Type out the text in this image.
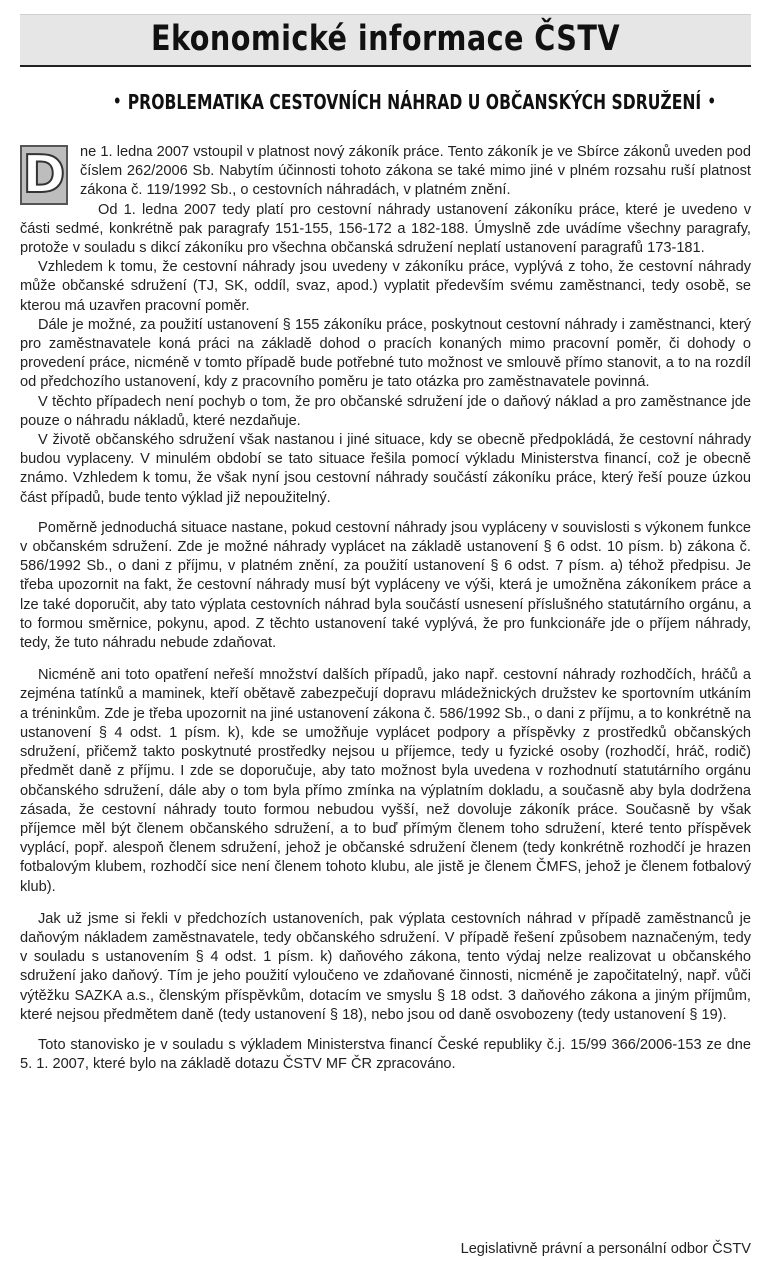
Ekonomické informace ČSTV
• PROBLEMATIKA CESTOVNÍCH NÁHRAD U OBČANSKÝCH SDRUŽENÍ •

D ne 1. ledna 2007 vstoupil v platnost nový zákoník práce. Tento zákoník je ve Sbírce zákonů uveden pod číslem 262/2006 Sb. Nabytím účinnosti tohoto zákona se také mimo jiné v plném rozsahu ruší platnost zákona č. 119/1992 Sb., o cestovních náhradách, v platném znění.

Od 1. ledna 2007 tedy platí pro cestovní náhrady ustanovení zákoníku práce, které je uvedeno v části sedmé, konkrétně pak paragrafy 151-155, 156-172 a 182-188. Úmyslně zde uvádíme všechny paragrafy, protože v souladu s dikcí zákoníku pro všechna občanská sdružení neplatí ustanovení paragrafů 173-181.

Vzhledem k tomu, že cestovní náhrady jsou uvedeny v zákoníku práce, vyplývá z toho, že cestovní náhrady může občanské sdružení (TJ, SK, oddíl, svaz, apod.) vyplatit především svému zaměstnanci, tedy osobě, se kterou má uzavřen pracovní poměr.

Dále je možné, za použití ustanovení § 155 zákoníku práce, poskytnout cestovní náhrady i zaměstnanci, který pro zaměstnavatele koná práci na základě dohod o pracích konaných mimo pracovní poměr, či dohody o provedení práce, nicméně v tomto případě bude potřebné tuto možnost ve smlouvě přímo stanovit, a to na rozdíl od předchozího ustanovení, kdy z pracovního poměru je tato otázka pro zaměstnavatele povinná.

V těchto případech není pochyb o tom, že pro občanské sdružení jde o daňový náklad a pro zaměstnance jde pouze o náhradu nákladů, které nezdaňuje.

V životě občanského sdružení však nastanou i jiné situace, kdy se obecně předpokládá, že cestovní náhrady budou vyplaceny. V minulém období se tato situace řešila pomocí výkladu Ministerstva financí, což je obecně známo. Vzhledem k tomu, že však nyní jsou cestovní náhrady součástí zákoníku práce, který řeší pouze úzkou část případů, bude tento výklad již nepoužitelný.

Poměrně jednoduchá situace nastane, pokud cestovní náhrady jsou vypláceny v souvislosti s výkonem funkce v občanském sdružení. Zde je možné náhrady vyplácet na základě ustanovení § 6 odst. 10 písm. b) zákona č. 586/1992 Sb., o dani z příjmu, v platném znění, za použití ustanovení § 6 odst. 7 písm. a) téhož předpisu. Je třeba upozornit na fakt, že cestovní náhrady musí být vypláceny ve výši, která je umožněna zákoníkem práce a lze také doporučit, aby tato výplata cestovních náhrad byla součástí usnesení příslušného statutárního orgánu, a to formou směrnice, pokynu, apod. Z těchto ustanovení také vyplývá, že pro funkcionáře jde o příjem náhrady, tedy, že tuto náhradu nebude zdaňovat.

Nicméně ani toto opatření neřeší množství dalších případů, jako např. cestovní náhrady rozhodčích, hráčů a zejména tatínků a maminek, kteří obětavě zabezpečují dopravu mládežnických družstev ke sportovním utkáním a tréninkům. Zde je třeba upozornit na jiné ustanovení zákona č. 586/1992 Sb., o dani z příjmu, a to konkrétně na ustanovení § 4 odst. 1 písm. k), kde se umožňuje vyplácet podpory a příspěvky z prostředků občanských sdružení, přičemž takto poskytnuté prostředky nejsou u příjemce, tedy u fyzické osoby (rozhodčí, hráč, rodič) předmět daně z příjmu. I zde se doporučuje, aby tato možnost byla uvedena v rozhodnutí statutárního orgánu občanského sdružení, dále aby o tom byla přímo zmínka na výplatním dokladu, a současně aby byla dodržena zásada, že cestovní náhrady touto formou nebudou vyšší, než dovoluje zákoník práce. Současně by však příjemce měl být členem občanského sdružení, a to buď přímým členem toho sdružení, které tento příspěvek vyplácí, popř. alespoň členem sdružení, jehož je občanské sdružení členem (tedy konkrétně rozhodčí je hrazen fotbalovým klubem, rozhodčí sice není členem tohoto klubu, ale jistě je členem ČMFS, jehož je členem fotbalový klub).

Jak už jsme si řekli v předchozích ustanoveních, pak výplata cestovních náhrad v případě zaměstnanců je daňovým nákladem zaměstnavatele, tedy občanského sdružení. V případě řešení způsobem naznačeným, tedy v souladu s ustanovením § 4 odst. 1 písm. k) daňového zákona, tento výdaj nelze realizovat u občanského sdružení jako daňový. Tím je jeho použití vyloučeno ve zdaňované činnosti, nicméně je započitatelný, např. vůči výtěžku SAZKA a.s., členským příspěvkům, dotacím ve smyslu § 18 odst. 3 daňového zákona a jiným příjmům, které nejsou předmětem daně (tedy ustanovení § 18), nebo jsou od daně osvobozeny (tedy ustanovení § 19).

Toto stanovisko je v souladu s výkladem Ministerstva financí České republiky č.j. 15/99 366/2006-153 ze dne 5. 1. 2007, které bylo na základě dotazu ČSTV MF ČR zpracováno.

Legislativně právní a personální odbor ČSTV
